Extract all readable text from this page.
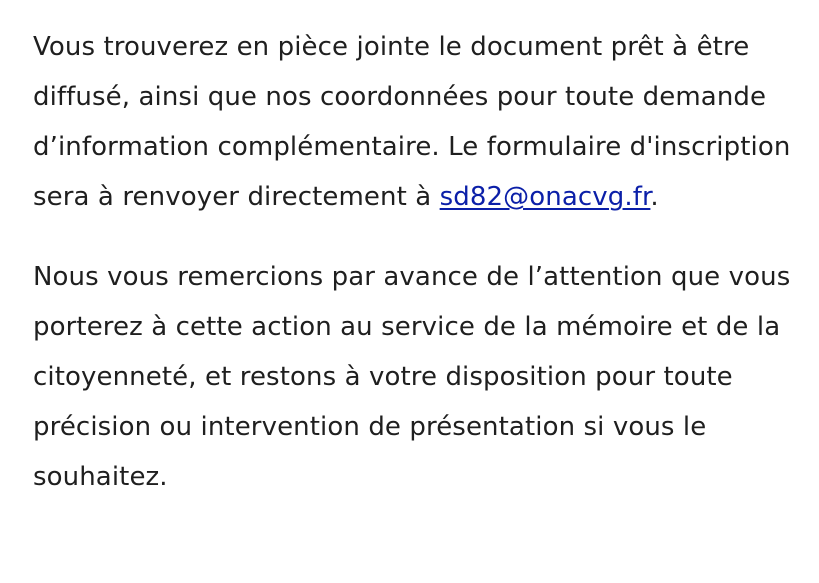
Vous trouverez en pièce jointe le document prêt à être diffusé, ainsi que nos coordonnées pour toute demande d’information complémentaire. Le formulaire d'inscription sera à renvoyer directement à sd82@onacvg.fr.

Nous vous remercions par avance de l’attention que vous porterez à cette action au service de la mémoire et de la citoyenneté, et restons à votre disposition pour toute précision ou intervention de présentation si vous le souhaitez.
